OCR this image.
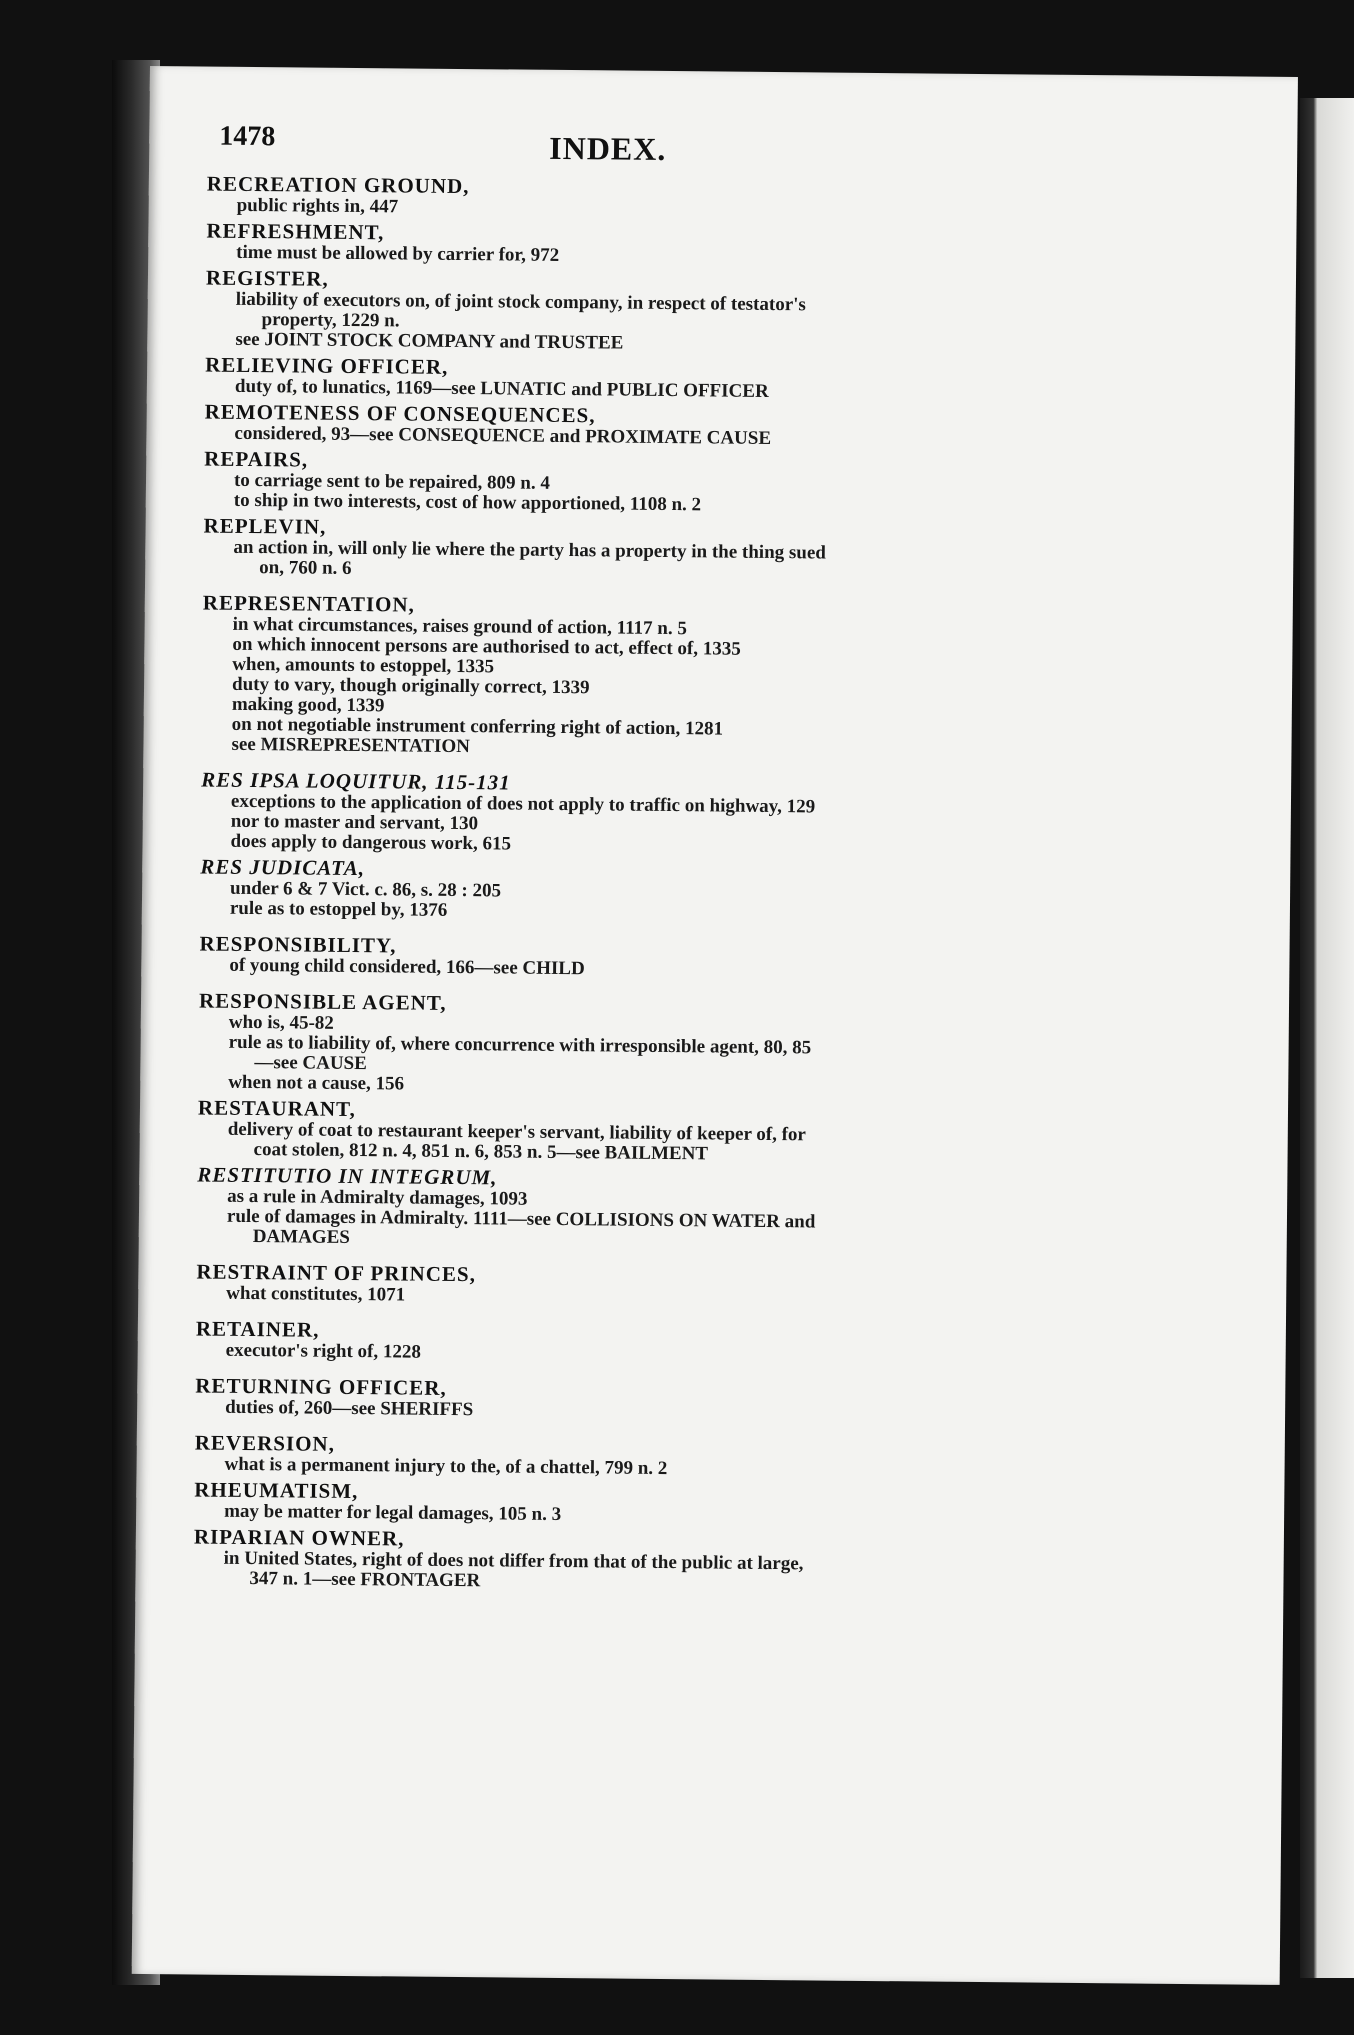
1478	INDEX.
RECREATION GROUND,
public rights in, 447
REFRESHMENT,
time must be allowed by carrier for, 972
REGISTER,
liability of executors on, of joint stock company, in respect of testator's
property, 1229 n.
see JOINT STOCK COMPANY and TRUSTEE
RELIEVING OFFICER,
duty of, to lunatics, 1169—see LUNATIC and PUBLIC OFFICER
REMOTENESS OF CONSEQUENCES,
considered, 93—see CONSEQUENCE and PROXIMATE CAUSE
REPAIRS,
to carriage sent to be repaired, 809 n. 4
to ship in two interests, cost of how apportioned, 1108 n. 2
REPLEVIN,
an action in, will only lie where the party has a property in the thing sued
on, 760 n. 6
REPRESENTATION,
in what circumstances, raises ground of action, 1117 n. 5
on which innocent persons are authorised to act, effect of, 1335
when, amounts to estoppel, 1335
duty to vary, though originally correct, 1339
making good, 1339
on not negotiable instrument conferring right of action, 1281
see MISREPRESENTATION
RES IPSA LOQUITUR, 115-131
exceptions to the application of does not apply to traffic on highway, 129
nor to master and servant, 130
does apply to dangerous work, 615
RES JUDICATA,
under 6 & 7 Vict. c. 86, s. 28 : 205
rule as to estoppel by, 1376
RESPONSIBILITY,
of young child considered, 166—see CHILD
RESPONSIBLE AGENT,
who is, 45-82
rule as to liability of, where concurrence with irresponsible agent, 80, 85
—see CAUSE
when not a cause, 156
RESTAURANT,
delivery of coat to restaurant keeper's servant, liability of keeper of, for
coat stolen, 812 n. 4, 851 n. 6, 853 n. 5—see BAILMENT
RESTITUTIO IN INTEGRUM,
as a rule in Admiralty damages, 1093
rule of damages in Admiralty. 1111—see COLLISIONS ON WATER and
DAMAGES
RESTRAINT OF PRINCES,
what constitutes, 1071
RETAINER,
executor's right of, 1228
RETURNING OFFICER,
duties of, 260—see SHERIFFS
REVERSION,
what is a permanent injury to the, of a chattel, 799 n. 2
RHEUMATISM,
may be matter for legal damages, 105 n. 3
RIPARIAN OWNER,
in United States, right of does not differ from that of the public at large,
347 n. 1—see FRONTAGER
